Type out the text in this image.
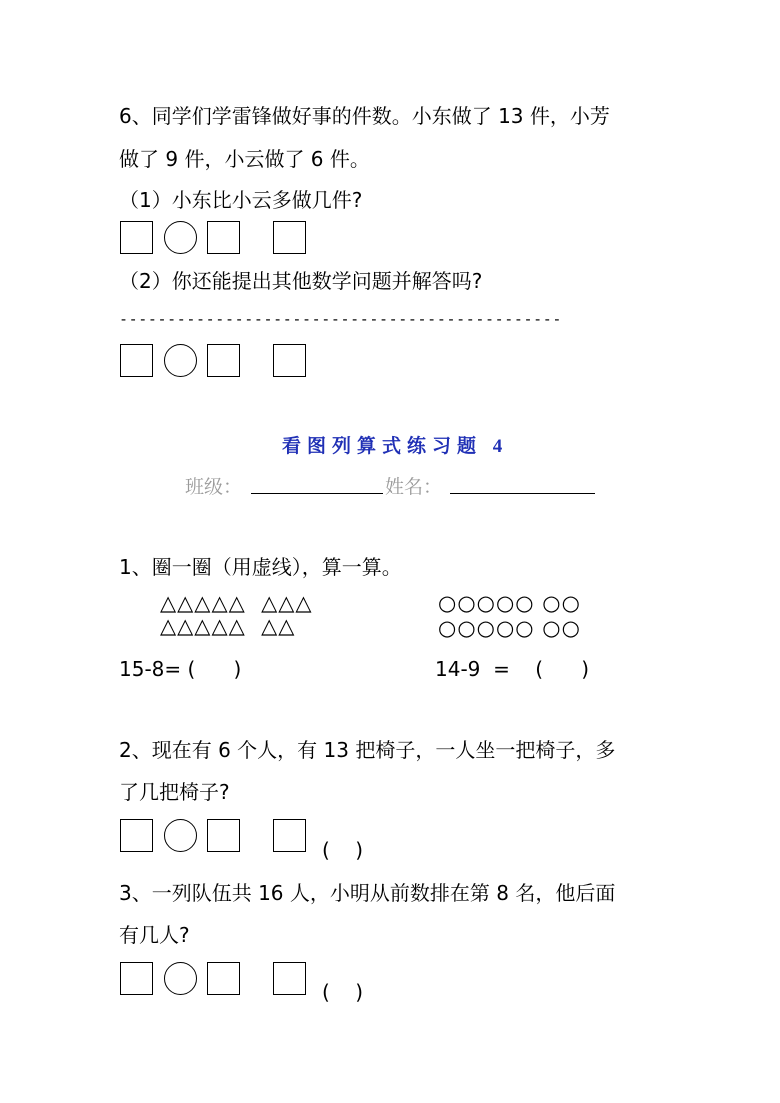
6、同学们学雷锋做好事的件数。小东做了 13 件，小芳
做了 9 件，小云做了 6 件。
（1）小东比小云多做几件?
（2）你还能提出其他数学问题并解答吗?
----------------------------------------------
看图列算式练习题 4
班级：	姓名：
1、圈一圈（用虚线），算一算。
△△△△△  △△△
△△△△△  △△
○○○○○ ○○
○○○○○ ○○
15-8= (      )	14-9  =    (      )
2、现在有 6 个人，有 13 把椅子，一人坐一把椅子，多
了几把椅子?
(    )
3、一列队伍共 16 人，小明从前数排在第 8 名，他后面
有几人?
(    )
